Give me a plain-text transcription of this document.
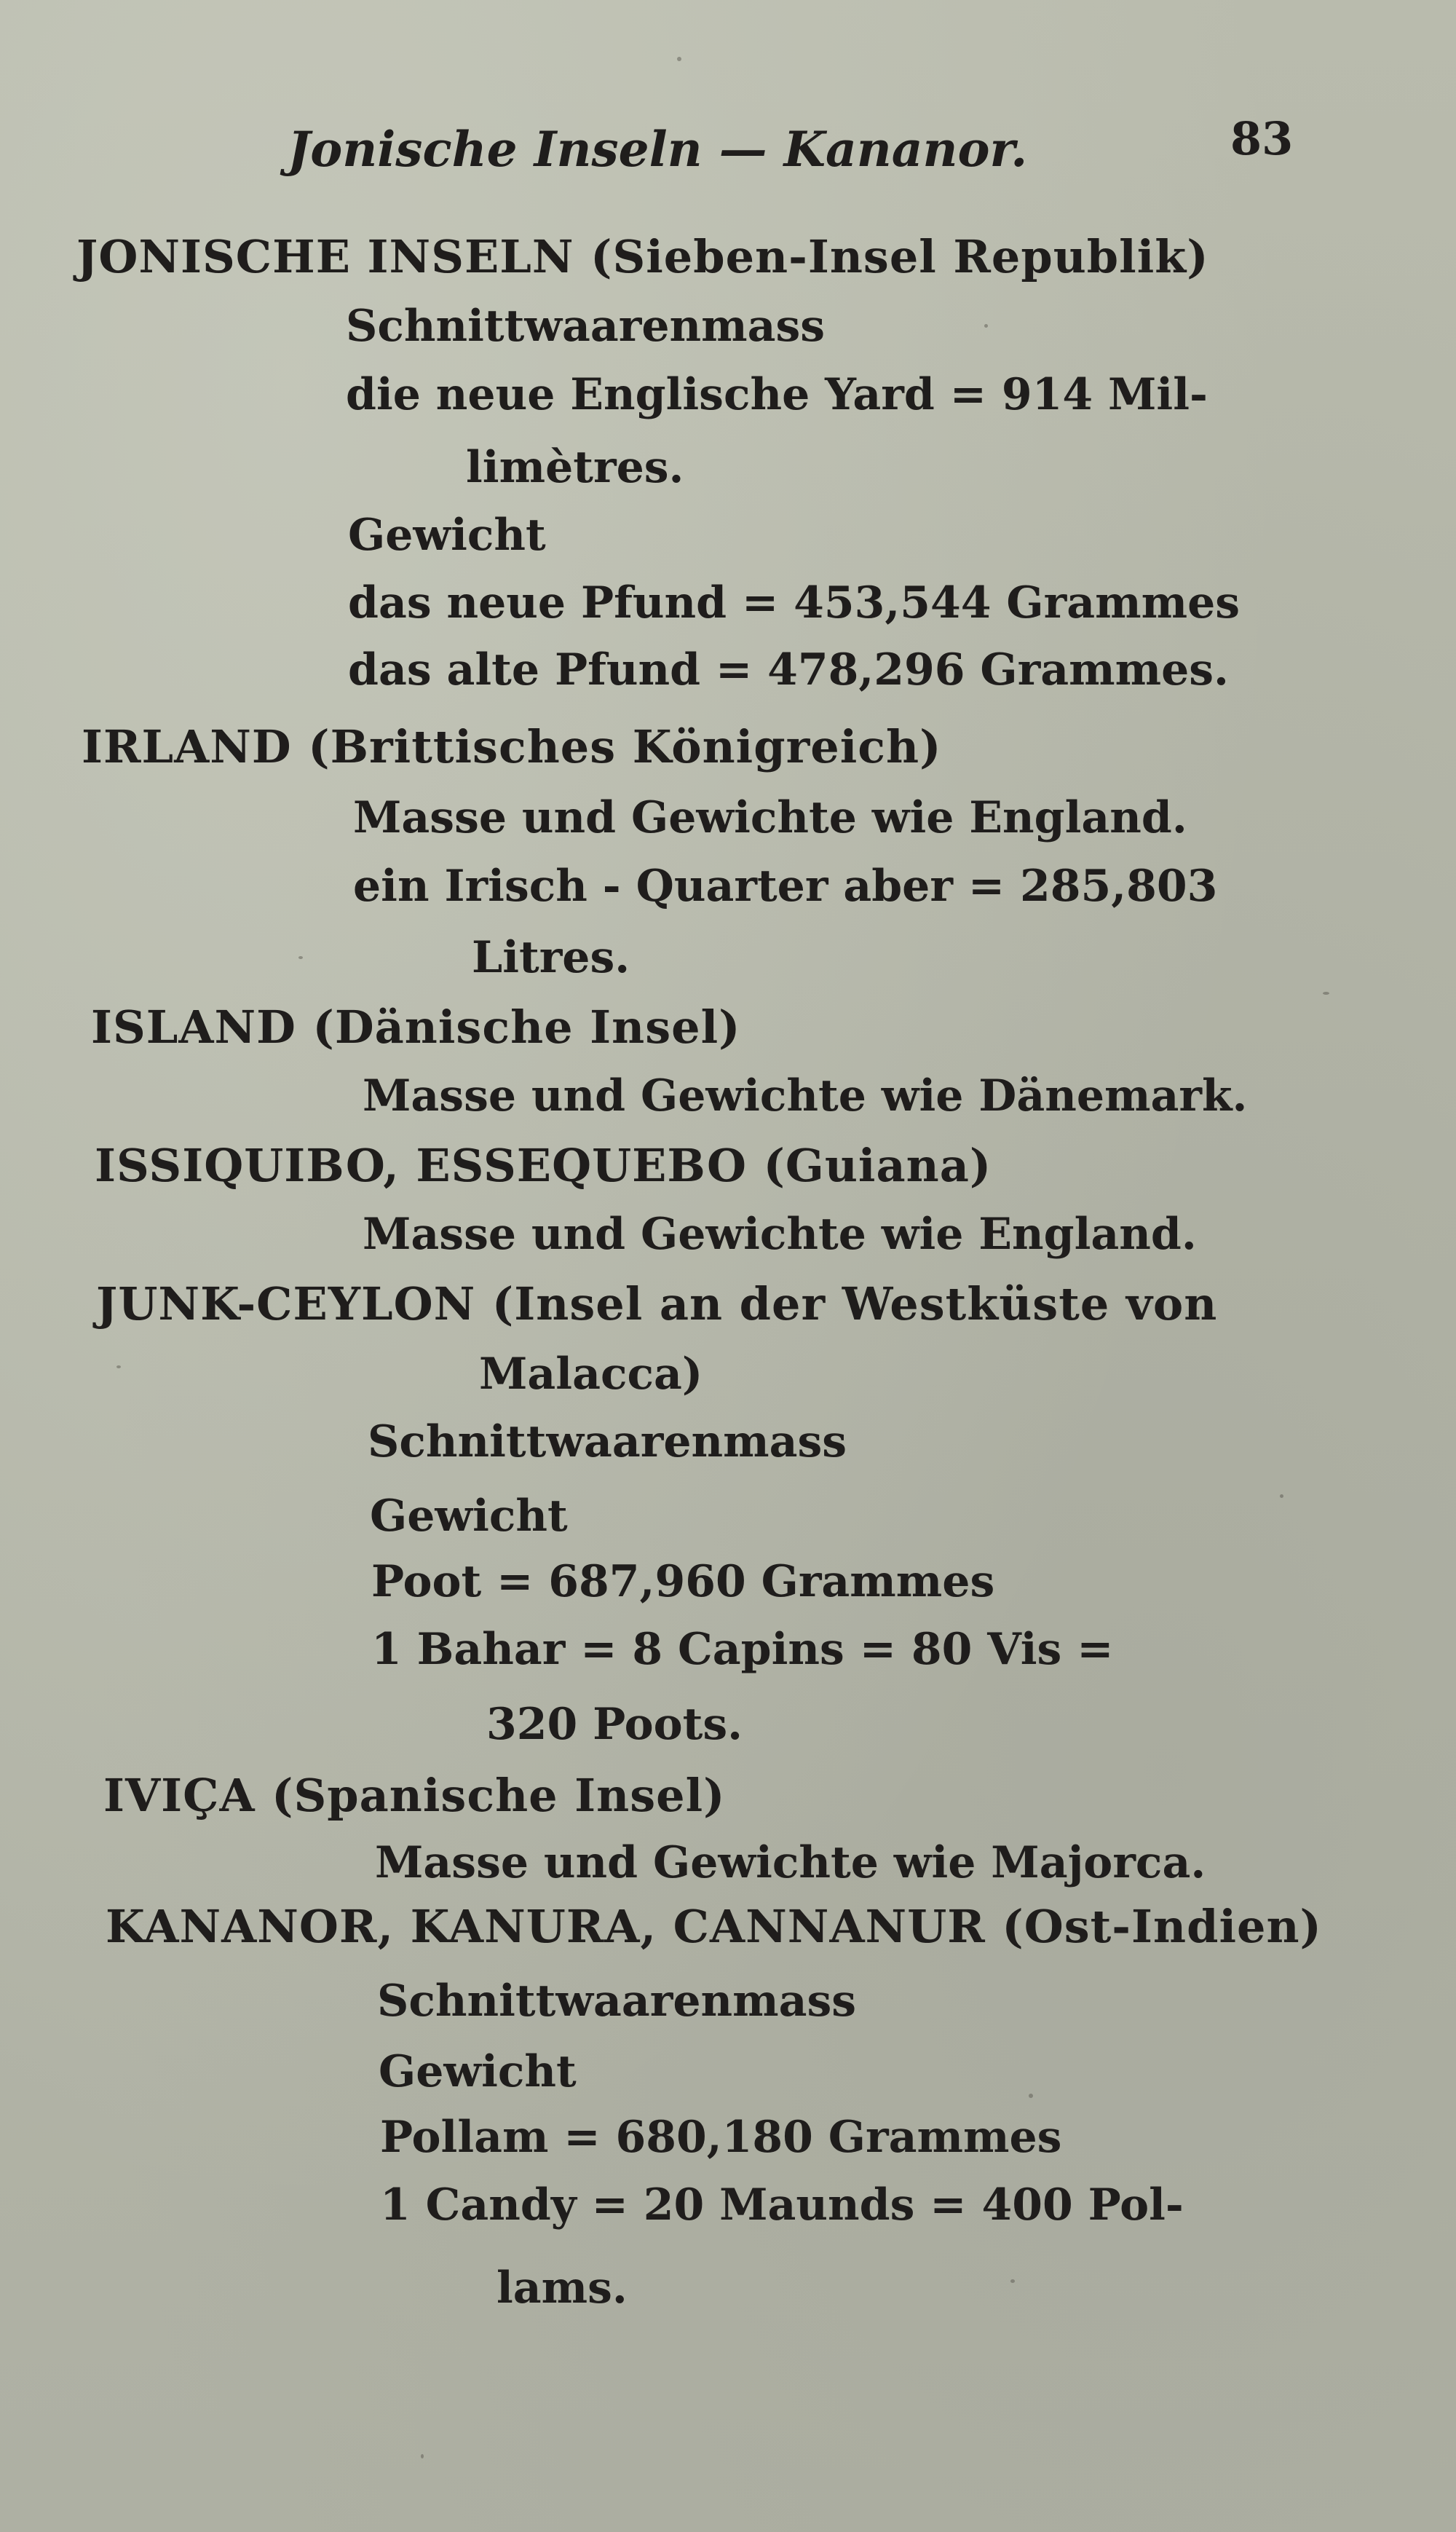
Jonische Inseln — Kananor.	83
JONISCHE INSELN (Sieben-Insel Republik)
Schnittwaarenmass
die neue Englische Yard = 914 Mil-
limètres.
Gewicht
das neue Pfund = 453,544 Grammes
das alte Pfund = 478,296 Grammes.
IRLAND (Brittisches Königreich)
Masse und Gewichte wie England.
ein Irisch - Quarter aber = 285,803
Litres.
ISLAND (Dänische Insel)
Masse und Gewichte wie Dänemark.
ISSIQUIBO, ESSEQUEBO (Guiana)
Masse und Gewichte wie England.
JUNK-CEYLON (Insel an der Westküste von
Malacca)
Schnittwaarenmass
Gewicht
Poot = 687,960 Grammes
1 Bahar = 8 Capins = 80 Vis =
320 Poots.
IVIÇA (Spanische Insel)
Masse und Gewichte wie Majorca.
KANANOR, KANURA, CANNANUR (Ost-Indien)
Schnittwaarenmass
Gewicht
Pollam = 680,180 Grammes
1 Candy = 20 Maunds = 400 Pol-
lams.
